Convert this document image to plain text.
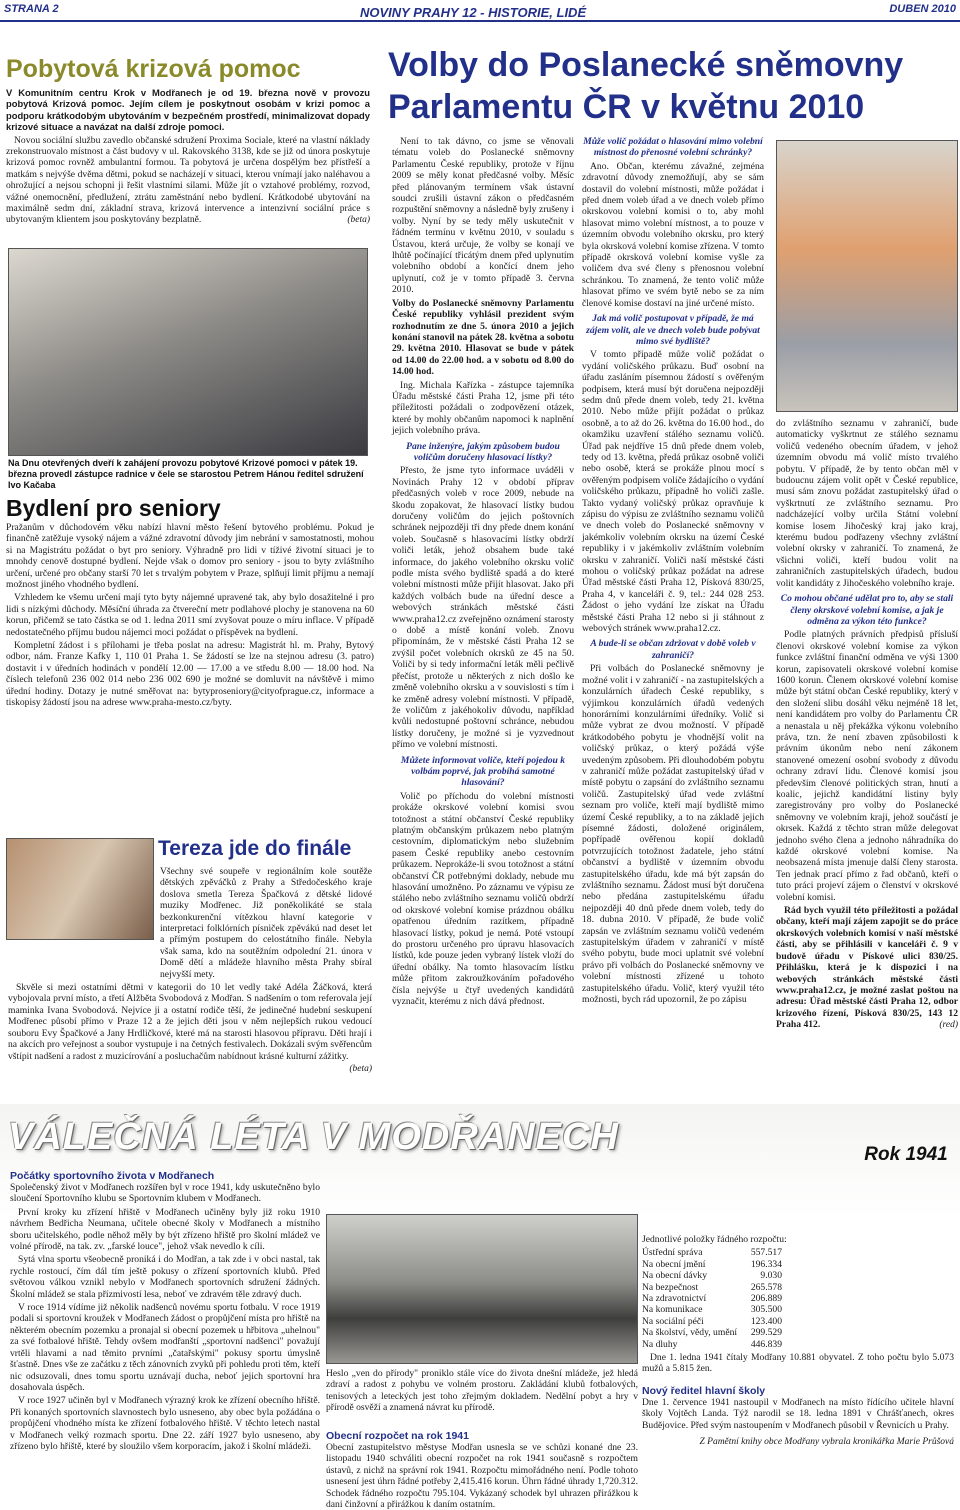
STRANA 2	NOVINY PRAHY 12 - HISTORIE, LIDÉ	DUBEN 2010
Pobytová krizová pomoc

V Komunitním centru Krok v Modřanech je od 19. března nově v provozu pobytová Krizová pomoc. Jejím cílem je poskytnout osobám v krizi pomoc a podporu krátkodobým ubytováním v bezpečném prostředí, minimalizovat dopady krizové situace a navázat na další zdroje pomoci.

Novou sociální službu zavedlo občanské sdružení Proxima Sociale, které na vlastní náklady zrekonstruovalo místnost a část budovy v ul. Rakovského 3138, kde se již od února poskytuje krizová pomoc rovněž ambulantní formou. Ta pobytová je určena dospělým bez přístřeší a matkám s nejvýše dvěma dětmi, pokud se nacházejí v situaci, kterou vnímají jako naléhavou a ohrožující a nejsou schopni ji řešit vlastními silami. Může jít o vztahové problémy, rozvod, vážné onemocnění, předlužení, ztrátu zaměstnání nebo bydlení. Krátkodobé ubytování na maximálně sedm dní, základní strava, krizová intervence a intenzivní sociální práce s ubytovaným klientem jsou poskytovány bezplatně.	(beta)
Na Dnu otevřených dveří k zahájení provozu pobytové Krizové pomoci v pátek 19. března provedl zástupce radnice v čele se starostou Petrem Hánou ředitel sdružení Ivo Kačaba
Bydlení pro seniory

Pražanům v důchodovém věku nabízí hlavní město řešení bytového problému. Pokud je finančně zatěžuje vysoký nájem a vážné zdravotní důvody jim nebrání v samostatnosti, mohou si na Magistrátu požádat o byt pro seniory. Výhradně pro lidi v tíživé životní situaci je to mnohdy cenově dostupné bydlení. Nejde však o domov pro seniory - jsou to byty zvláštního určení, určené pro občany starší 70 let s trvalým pobytem v Praze, splňují limit příjmu a nemají možnost jiného vhodného bydlení.

Vzhledem ke všemu určení mají tyto byty nájemné upravené tak, aby bylo dosažitelné i pro lidi s nízkými důchody. Měsíční úhrada za čtvereční metr podlahové plochy je stanovena na 60 korun, přičemž se tato částka se od 1. ledna 2011 smí zvyšovat pouze o míru inflace. V případě nedostatečného příjmu budou nájemci moci požádat o příspěvek na bydlení.

Kompletní žádost i s přílohami je třeba poslat na adresu: Magistrát hl. m. Prahy, Bytový odbor, nám. Franze Kafky 1, 110 01 Praha 1. Se žádostí se lze na stejnou adresu (3. patro) dostavit i v úředních hodinách v pondělí 12.00 — 17.00 a ve středu 8.00 — 18.00 hod. Na číslech telefonů 236 002 014 nebo 236 002 690 je možné se domluvit na návštěvě i mimo úřední hodiny. Dotazy je nutné směřovat na: bytyproseniory@cityofprague.cz, informace a tiskopisy žádostí jsou na adrese www.praha-mesto.cz/byty.

Tereza jde do finále

Všechny své soupeře v regionálním kole soutěže dětských zpěváčků z Prahy a Středočeského kraje doslova smetla Tereza Špačková z dětské lidové muziky Modřenec. Již poněkolikáté se stala bezkonkurenční vítězkou hlavní kategorie v interpretaci folklórních písniček zpěvákú nad deset let a přímým postupem do celostátního finále. Nebyla však sama, kdo na soutěžním odpolední 21. února v Domě dětí a mládeže hlavního města Prahy sbíral nejvyšší mety.

Skvěle si mezi ostatními dětmi v kategorii do 10 let vedly také Adéla Žáčková, která vybojovala první místo, a třetí Alžběta Svobodová z Modřan. S nadšením o tom referovala její maminka Ivana Svobodová. Nejvíce ji a ostatní rodiče těší, že jedinečné hudební seskupení Modřenec působí přímo v Praze 12 a že jejich děti jsou v něm nejlepších rukou vedoucí souboru Evy Špačkové a Jany Hrdličkové, které má na starosti hlasovou přípravu. Děti hrají i na akcích pro veřejnost a soubor vystupuje i na četných festivalech. Dokázali svým svěřencům vštípit nadšení a radost z muzicírování a posluchačům nabídnout krásné kulturní zážitky.

(beta)
Volby do Poslanecké sněmovny
Parlamentu ČR v květnu 2010

Není to tak dávno, co jsme se věnovali tématu voleb do Poslanecké sněmovny Parlamentu České republiky, protože v říjnu 2009 se měly konat předčasné volby. Měsíc před plánovaným termínem však ústavní soudci zrušili ústavní zákon o předčasném rozpuštění sněmovny a následně byly zrušeny i volby. Nyní by se tedy měly uskutečnit v řádném termínu v květnu 2010, v souladu s Ústavou, která určuje, že volby se konají ve lhůtě počínající třicátým dnem před uplynutím volebního období a končící dnem jeho uplynutí, což je v tomto případě 3. června 2010.

Volby do Poslanecké sněmovny Parlamentu České republiky vyhlásil prezident svým rozhodnutím ze dne 5. února 2010 a jejich konání stanovil na pátek 28. května a sobotu 29. května 2010. Hlasovat se bude v pátek od 14.00 do 22.00 hod. a v sobotu od 8.00 do 14.00 hod.

Ing. Michala Kařízka - zástupce tajemníka Úřadu městské části Praha 12, jsme při této příležitosti požádali o zodpovězení otázek, které by mohly občanům napomoci k naplnění jejich volebního práva.

Pane inženýre, jakým způsobem budou voličům doručeny hlasovací lístky?

Přesto, že jsme tyto informace uváděli v Novinách Prahy 12 v období příprav předčasných voleb v roce 2009, nebude na škodu zopakovat, že hlasovací lístky budou doručeny voličům do jejich poštovních schránek nejpozději tři dny přede dnem konání voleb. Současně s hlasovacími lístky obdrží voliči leták, jehož obsahem bude také informace, do jakého volebního okrsku volič podle místa svého bydliště spadá a do které volební místnosti může přijít hlasovat. Jako při každých volbách bude na úřední desce a webových stránkách městské části www.praha12.cz zveřejněno oznámení starosty o době a místě konání voleb. Znovu připomínám, že v městské části Praha 12 se zvýšil počet volebních okrsků ze 45 na 50. Voliči by si tedy informační leták měli pečlivě přečíst, protože u některých z nich došlo ke změně volebního okrsku a v souvislosti s tím i ke změně adresy volební místnosti. V případě, že voličům z jakéhokoliv důvodu, například kvůli nedostupné poštovní schránce, nebudou lístky doručeny, je možné si je vyzvednout přímo ve volební místnosti.

Můžete informovat voliče, kteří pojedou k volbám poprvé, jak probíhá samotné hlasování?

Volič po příchodu do volební místnosti prokáže okrskové volební komisi svou totožnost a státní občanství České republiky platným občanským průkazem nebo platným cestovním, diplomatickým nebo služebním pasem České republiky anebo cestovním průkazem. Neprokáže-li svou totožnost a státní občanství ČR potřebnými doklady, nebude mu hlasování umožněno. Po záznamu ve výpisu ze stálého nebo zvláštního seznamu voličů obdrží od okrskové volební komise prázdnou obálku opatřenou úředním razítkem, případně hlasovací lístky, pokud je nemá. Poté vstoupí do prostoru určeného pro úpravu hlasovacích lístků, kde pouze jeden vybraný lístek vloží do úřední obálky. Na tomto hlasovacím lístku může přitom zakroužkováním pořadového čísla nejvýše u čtyř uvedených kandidátů vyznačit, kterému z nich dává přednost.

Může volič požádat o hlasování mimo volební místnost do přenosné volební schránky?

Ano. Občan, kterému závažné, zejména zdravotní důvody znemožňují, aby se sám dostavil do volební místnosti, může požádat i před dnem voleb úřad a ve dnech voleb přímo okrskovou volební komisi o to, aby mohl hlasovat mimo volební místnost, a to pouze v územním obvodu volebního okrsku, pro který byla okrsková volební komise zřízena. V tomto případě okrsková volební komise vyšle za voličem dva své členy s přenosnou volební schránkou. To znamená, že tento volič může hlasovat přímo ve svém bytě nebo se za ním členové komise dostaví na jiné určené místo.

Jak má volič postupovat v případě, že má zájem volit, ale ve dnech voleb bude pobývat mimo své bydliště?

V tomto případě může volič požádat o vydání voličského průkazu. Buď osobní na úřadu zasláním písemnou žádostí s ověřeným podpisem, která musí být doručena nejpozději sedm dnů přede dnem voleb, tedy 21. května 2010. Nebo může přijít požádat o průkaz osobně, a to až do 26. května do 16.00 hod., do okamžiku uzavření stálého seznamu voličů. Úřad pak nejdříve 15 dnů přede dnem voleb, tedy od 13. května, předá průkaz osobně voliči nebo osobě, která se prokáže plnou mocí s ověřeným podpisem voliče žádajícího o vydání voličského průkazu, případně ho voliči zašle. Takto vydaný voličský průkaz opravňuje k zápisu do výpisu ze zvláštního seznamu voličů ve dnech voleb do Poslanecké sněmovny v jakémkoliv volebním okrsku na území České republiky i v jakémkoliv zvláštním volebním okrsku v zahraničí. Voliči naší městské části mohou o voličský průkaz požádat na adrese Úřad městské části Praha 12, Písková 830/25, Praha 4, v kanceláři č. 9, tel.: 244 028 253. Žádost o jeho vydání lze získat na Úřadu městské části Praha 12 nebo si ji stáhnout z webových stránek www.praha12.cz.

A bude-li se občan zdržovat v době voleb v zahraničí?

Při volbách do Poslanecké sněmovny je možné volit i v zahraničí - na zastupitelských a konzulárních úřadech České republiky, s výjimkou konzulárních úřadů vedených honorárními konzulárními úředníky. Volič si může vybrat ze dvou možností. V případě krátkodobého pobytu je vhodnější volit na voličský průkaz, o který požádá výše uvedeným způsobem. Při dlouhodobém pobytu v zahraničí může požádat zastupitelský úřad v místě pobytu o zapsání do zvláštního seznamu voličů. Zastupitelský úřad vede zvláštní seznam pro voliče, kteří mají bydliště mimo území České republiky, a to na základě jejich písemné žádosti, doložené originálem, popřípadě ověřenou kopií dokladů potvrzujících totožnost žadatele, jeho státní občanství a bydliště v územním obvodu zastupitelského úřadu, kde má být zapsán do zvláštního seznamu. Žádost musí být doručena nebo předána zastupitelskému úřadu nejpozději 40 dnů přede dnem voleb, tedy do 18. dubna 2010. V případě, že bude volič zapsán ve zvláštním seznamu voličů vedeném zastupitelským úřadem v zahraničí v místě svého pobytu, bude moci uplatnit své volební právo při volbách do Poslanecké sněmovny ve volební místnosti zřízené u tohoto zastupitelského úřadu. Volič, který využil této možnosti, bych rád upozornil, že po zápisu

do zvláštního seznamu v zahraničí, bude automaticky vyškrtnut ze stálého seznamu voličů vedeného obecním úřadem, v jehož územním obvodu má volič místo trvalého pobytu. V případě, že by tento občan měl v budoucnu zájem volit opět v České republice, musí sám znovu požádat zastupitelský úřad o vyškrtnutí ze zvláštního seznamu. Pro nadcházející volby určila Státní volební komise losem Jihočeský kraj jako kraj, kterému budou podřazeny všechny zvláštní volební okrsky v zahraničí. To znamená, že všichni voliči, kteří budou volit na zahraničních zastupitelských úřadech, budou volit kandidáty z Jihočeského volebního kraje.

Co mohou občané udělat pro to, aby se stali členy okrskové volební komise, a jak je odměna za výkon této funkce?

Podle platných právních předpisů přísluší členovi okrskové volební komise za výkon funkce zvláštní finanční odměna ve výši 1300 korun, zapisovateli okrskové volební komise 1600 korun. Členem okrskové volební komise může být státní občan České republiky, který v den složení slibu dosáhl věku nejméně 18 let, není kandidátem pro volby do Parlamentu ČR a nenastala u něj překážka výkonu volebního práva, tzn. že není zbaven způsobilosti k právním úkonům nebo není zákonem stanovené omezení osobní svobody z důvodu ochrany zdraví lidu. Členové komisí jsou především členové politických stran, hnutí a koalic, jejichž kandidátní listiny byly zaregistrovány pro volby do Poslanecké sněmovny ve volebním kraji, jehož součástí je okrsek. Každá z těchto stran může delegovat jednoho svého člena a jednoho náhradníka do každé okrskové volební komise. Na neobsazená místa jmenuje další členy starosta. Ten jednak prací přímo z řad občanů, kteří o tuto práci projeví zájem o členství v okrskové volební komisi.

Rád bych využil této příležitosti a požádal občany, kteří mají zájem zapojit se do práce okrskových volebních komisí v naší městské části, aby se přihlásili v kanceláři č. 9 v budově úřadu v Pískové ulici 830/25. Přihlášku, která je k dispozici i na webových stránkách městské části www.praha12.cz, je možné zaslat poštou na adresu: Úřad městské části Praha 12, odbor krizového řízení, Písková 830/25, 143 12 Praha 412.	(red)
VÁLEČNÁ LÉTA V MODŘANECH	Rok 1941
Počátky sportovního života v Modřanech

Společenský život v Modřanech rozšířen byl v roce 1941, kdy uskutečněno bylo sloučení Sportovního klubu se Sportovním klubem v Modřanech.

První kroky ku zřízení hřiště v Modřanech učiněny byly již roku 1910 návrhem Bedřicha Neumana, učitele obecné školy v Modřanech a místního sboru učitelského, podle něhož měly by být zřízeno hřiště pro školní mládež ve volné přírodě, na tak. zv. „farské louce", jehož však nevedlo k cíli.

Sytá vlna sportu všeobecně proniká i do Modřan, a tak zde i v obci nastal, tak rychle rostoucí, čím dál tím ještě pokusy o zřízení sportovních klubů. Před světovou válkou vznikl nebylo v Modřanech sportovních sdružení žádných. Školní mládež se stala přízmivostí lesa, neboť ve zdravém těle zdravý duch.

V roce 1914 vídíme již několik nadšenců novému sportu fotbalu. V roce 1919 podali si sportovní kroužek v Modřanech žádost o propůjčení místa pro hřiště na některém obecním pozemku a pronajal si obecní pozemek u hřbitova „uhelnou" za své fotbalové hřiště. Tehdy ovšem modřanští „sportovní nadšenci" považují vrtěli hlavami a nad těmito prvními „čatařskými" pokusy sportu úmyslně šťastně. Dnes vše ze začátku z těch zánovních zvyků při pohledu proti těm, kteří nic odsuzovali, dnes tomu sportu uznávají ducha, neboť jejich sportovní hra dosahovala úspěch.

V roce 1927 učiněn byl v Modřanech výrazný krok ke zřízení obecního hřiště. Při konaných sportovních slavnostech bylo usneseno, aby obec byla požádána o propůjčení vhodného místa ke zřízení fotbalového hřiště. V těchto letech nastal v Modřanech velký rozmach sportu. Dne 22. září 1927 bylo usneseno, aby zřízeno bylo hřiště, které by sloužilo všem korporacím, jakož i školní mládeži.

Heslo „ven do přírody" proniklo stále více do života dnešní mládeže, jež hledá zdraví a radost z pohybu ve volném prostoru. Zakládání klubů fotbalových, tenisových a leteckých jest toho zřejmým dokladem. Nedělní pobyt a hry v přírodě osvěží a znamená návrat ku přírodě.

Obecní rozpočet na rok 1941

Obecní zastupitelstvo městyse Modřan usnesla se ve schůzi konané dne 23. listopadu 1940 schváliti obecní rozpočet na rok 1941 současně s rozpočtem ústavů, z nichž na správní rok 1941. Rozpočtu mimořádného není. Podle tohoto usnesení jest úhrn řádné potřeby 2,415.416 korun. Úhrn řádné úhrady 1,720.312. Schodek řádného rozpočtu 795.104. Vykázaný schodek byl uhrazen přirážkou k dani činžovní a přirážkou k daním ostatním.

Jednotlivé položky řádného rozpočtu:

Ústřední správa	557.517
Na obecní jmění	196.334
Na obecní dávky	9.030
Na bezpečnost	265.578
Na zdravotnictví	206.889
Na komunikace	305.500
Na sociální péči	123.400
Na školství, vědy, umění 299.529
Na dluhy	446.839

Dne 1. ledna 1941 čítaly Modřany 10.881 obyvatel. Z toho počtu bylo 5.073 mužů a 5.815 žen.

Nový ředitel hlavní školy

Dne 1. července 1941 nastoupil v Modřanech na místo řídícího učitele hlavní školy Vojtěch Landa. Týž narodil se 18. ledna 1891 v Chrášťanech, okres Budějovice. Před svým nastoupením v Modřanech působil v Řevnicích u Prahy.

Z Pamětní knihy obce Modřany vybrala kronikářka Marie Průšová
